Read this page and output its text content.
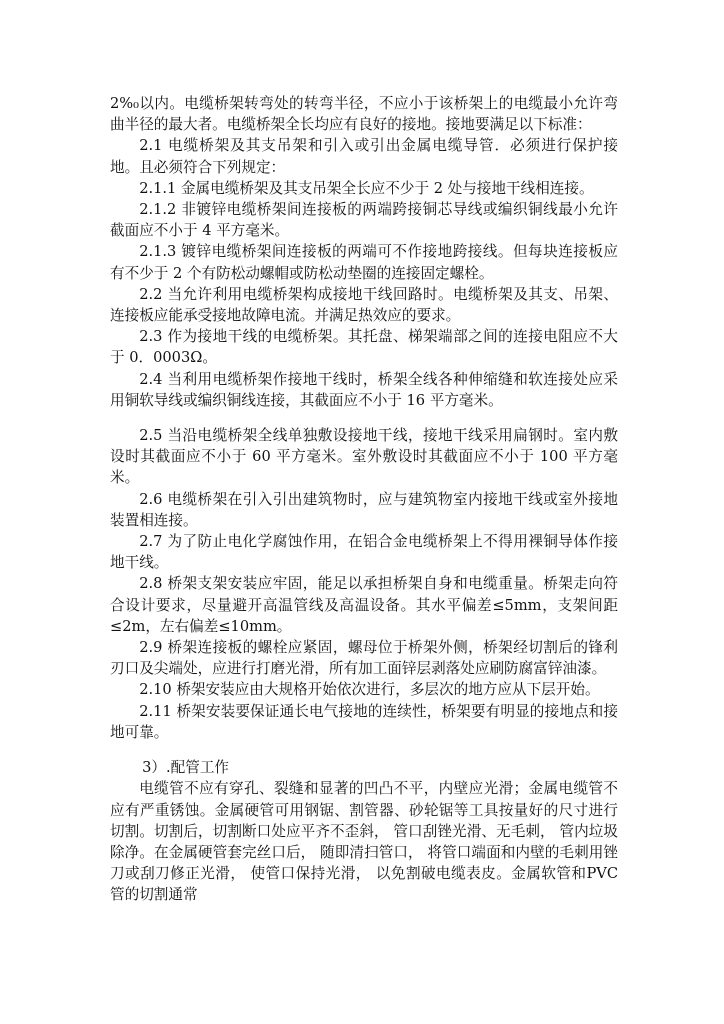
2%₀以内。电缆桥架转弯处的转弯半径，不应小于该桥架上的电缆最小允许弯曲半径的最大者。电缆桥架全长均应有良好的接地。接地要满足以下标准：

2.1 电缆桥架及其支吊架和引入或引出金属电缆导管．必须进行保护接地。且必须符合下列规定：

2.1.1 金属电缆桥架及其支吊架全长应不少于 2 处与接地干线相连接。

2.1.2 非镀锌电缆桥架间连接板的两端跨接铜芯导线或编织铜线最小允许截面应不小于 4 平方毫米。

2.1.3 镀锌电缆桥架间连接板的两端可不作接地跨接线。但每块连接板应有不少于 2 个有防松动螺帽或防松动垫圈的连接固定螺栓。

2.2 当允许利用电缆桥架构成接地干线回路时。电缆桥架及其支、吊架、连接板应能承受接地故障电流。并满足热效应的要求。

2.3 作为接地干线的电缆桥架。其托盘、梯架端部之间的连接电阻应不大于 0．0003Ω。

2.4 当利用电缆桥架作接地干线时，桥架全线各种伸缩缝和软连接处应采用铜软导线或编织铜线连接，其截面应不小于 16 平方毫米。

2.5 当沿电缆桥架全线单独敷设接地干线，接地干线采用扁钢时。室内敷设时其截面应不小于 60 平方毫米。室外敷设时其截面应不小于 100 平方毫米。

2.6 电缆桥架在引入引出建筑物时，应与建筑物室内接地干线或室外接地装置相连接。

2.7 为了防止电化学腐蚀作用，在铝合金电缆桥架上不得用裸铜导体作接地干线。

2.8 桥架支架安装应牢固，能足以承担桥架自身和电缆重量。桥架走向符合设计要求，尽量避开高温管线及高温设备。其水平偏差≤5mm，支架间距≤2m，左右偏差≤10mm。

2.9 桥架连接板的螺栓应紧固，螺母位于桥架外侧，桥架经切割后的锋利刃口及尖端处，应进行打磨光滑，所有加工面锌层剥落处应刷防腐富锌油漆。

2.10 桥架安装应由大规格开始依次进行，多层次的地方应从下层开始。

2.11 桥架安装要保证通长电气接地的连续性，桥架要有明显的接地点和接地可靠。

3）.配管工作

电缆管不应有穿孔、裂缝和显著的凹凸不平，内壁应光滑；金属电缆管不应有严重锈蚀。金属硬管可用钢锯、割管器、砂轮锯等工具按量好的尺寸进行切割。切割后，切割断口处应平齐不歪斜， 管口刮锉光滑、无毛刺， 管内垃圾除净。在金属硬管套完丝口后， 随即清扫管口， 将管口端面和内壁的毛刺用锉刀或刮刀修正光滑， 使管口保持光滑， 以免割破电缆表皮。金属软管和PVC 管的切割通常
